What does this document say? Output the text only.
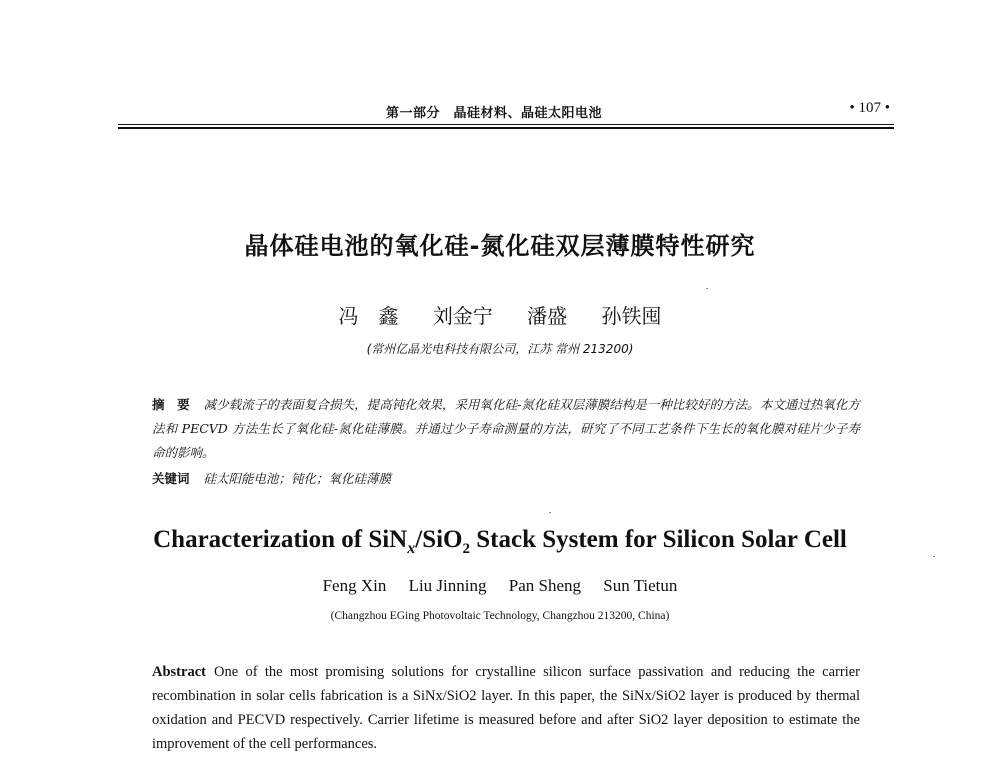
第一部分　晶硅材料、晶硅太阳电池	• 107 •
晶体硅电池的氧化硅-氮化硅双层薄膜特性研究
冯　鑫 刘金宁 潘盛 孙铁囤
(常州亿晶光电科技有限公司，江苏 常州 213200)
摘　要 减少载流子的表面复合损失，提高钝化效果，采用氧化硅-氮化硅双层薄膜结构是一种比较好的方法。本文通过热氧化方法和 PECVD 方法生长了氧化硅-氮化硅薄膜。并通过少子寿命测量的方法，研究了不同工艺条件下生长的氧化膜对硅片少子寿命的影响。
关键词 硅太阳能电池；钝化；氧化硅薄膜
Characterization of SiN$_x$/SiO$_2$ Stack System for Silicon Solar Cell
Feng Xin Liu Jinning Pan Sheng Sun Tietun
(Changzhou EGing Photovoltaic Technology, Changzhou 213200, China)
Abstract One of the most promising solutions for crystalline silicon surface passivation and reducing the carrier recombination in solar cells fabrication is a SiNx/SiO2 layer. In this paper, the SiNx/SiO2 layer is produced by thermal oxidation and PECVD respectively. Carrier lifetime is measured before and after SiO2 layer deposition to estimate the improvement of the cell performances.
